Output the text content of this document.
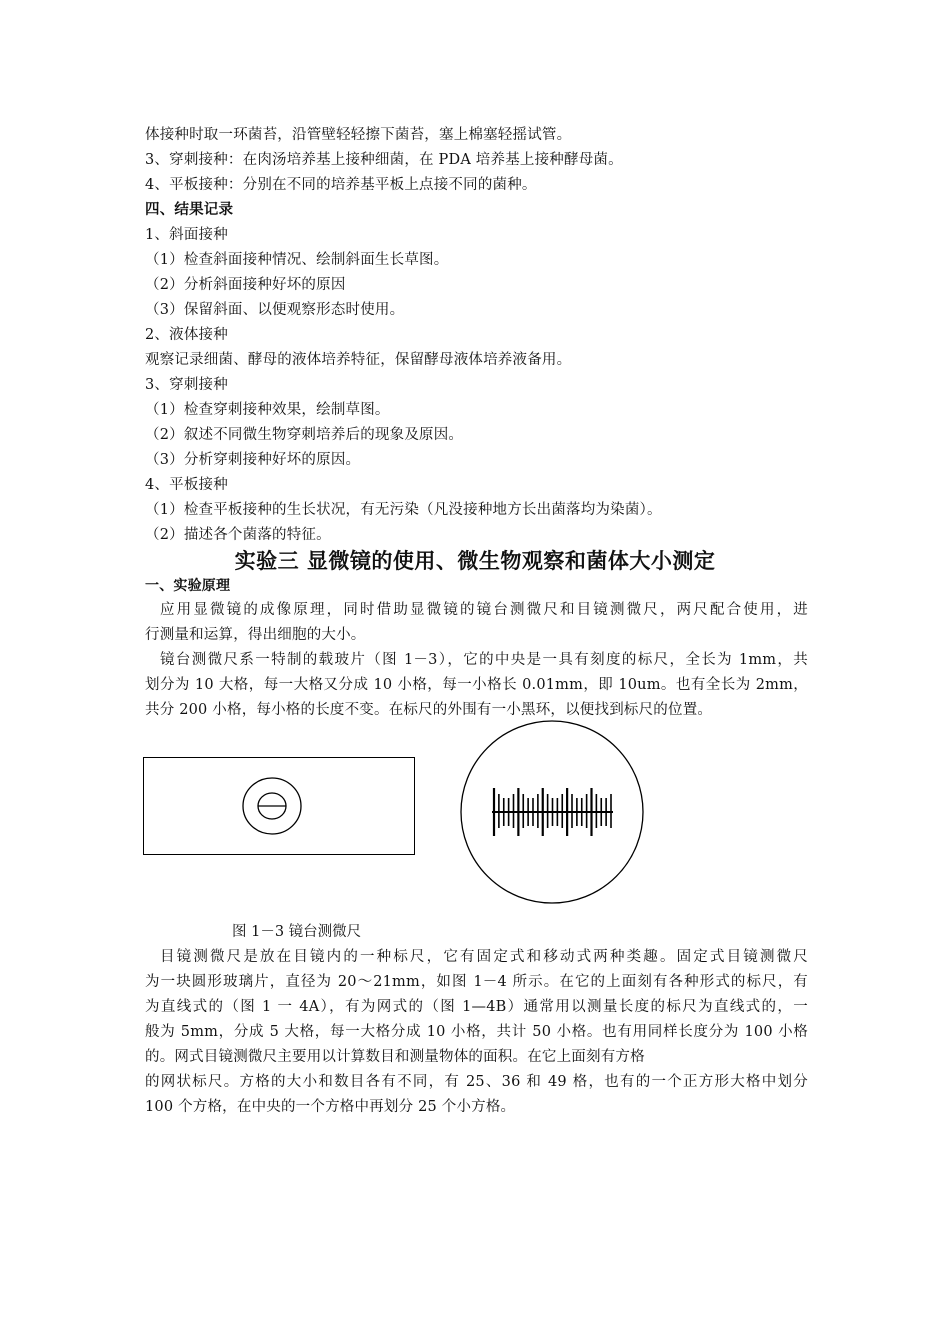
体接种时取一环菌苔，沿管壁轻轻擦下菌苔，塞上棉塞轻摇试管。
3、穿刺接种：在肉汤培养基上接种细菌，在 PDA 培养基上接种酵母菌。
4、平板接种：分别在不同的培养基平板上点接不同的菌种。
四、结果记录
1、斜面接种
（1）检查斜面接种情况、绘制斜面生长草图。
（2）分析斜面接种好坏的原因
（3）保留斜面、以便观察形态时使用。
2、液体接种
观察记录细菌、酵母的液体培养特征，保留酵母液体培养液备用。
3、穿刺接种
（1）检查穿刺接种效果，绘制草图。
（2）叙述不同微生物穿刺培养后的现象及原因。
（3）分析穿刺接种好坏的原因。
4、平板接种
（1）检查平板接种的生长状况，有无污染（凡没接种地方长出菌落均为染菌）。
（2）描述各个菌落的特征。
实验三 显微镜的使用、微生物观察和菌体大小测定
一、实验原理
应用显微镜的成像原理，同时借助显微镜的镜台测微尺和目镜测微尺，两尺配合使用，进
行测量和运算，得出细胞的大小。
镜台测微尺系一特制的载玻片（图 1－3），它的中央是一具有刻度的标尺，全长为 1mm，共
划分为 10 大格，每一大格又分成 10 小格，每一小格长 0.01mm，即 10um。也有全长为 2mm，
共分 200 小格，每小格的长度不变。在标尺的外围有一小黑环，以便找到标尺的位置。
图 1－3 镜台测微尺
目镜测微尺是放在目镜内的一种标尺，它有固定式和移动式两种类趣。固定式目镜测微尺
为一块圆形玻璃片，直径为 20～21mm，如图 1－4 所示。在它的上面刻有各种形式的标尺，有
为直线式的（图 1 一 4A），有为网式的（图 1—4B）通常用以测量长度的标尺为直线式的，一
般为 5mm，分成 5 大格，每一大格分成 10 小格，共计 50 小格。也有用同样长度分为 100 小格
的。网式目镜测微尺主要用以计算数目和测量物体的面积。在它上面刻有方格
的网状标尺。方格的大小和数目各有不同，有 25、36 和 49 格，也有的一个正方形大格中划分
100 个方格，在中央的一个方格中再划分 25 个小方格。
